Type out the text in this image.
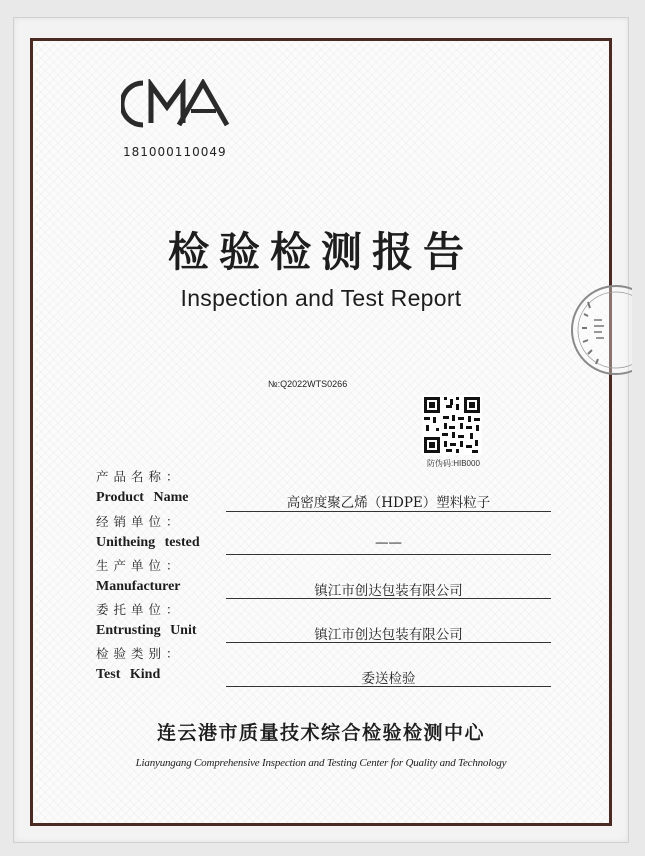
181000110049
检验检测报告
Inspection and Test Report
№:Q2022WTS0266
防伪码:HIB000
产品名称：
Product Name	高密度聚乙烯（HDPE）塑料粒子
经销单位：
Unitheing tested	——
生产单位：
Manufacturer	镇江市创达包装有限公司
委托单位：
Entrusting Unit	镇江市创达包装有限公司
检验类别：
Test Kind	委送检验
连云港市质量技术综合检验检测中心
Lianyungang Comprehensive Inspection and Testing Center for Quality and Technology
